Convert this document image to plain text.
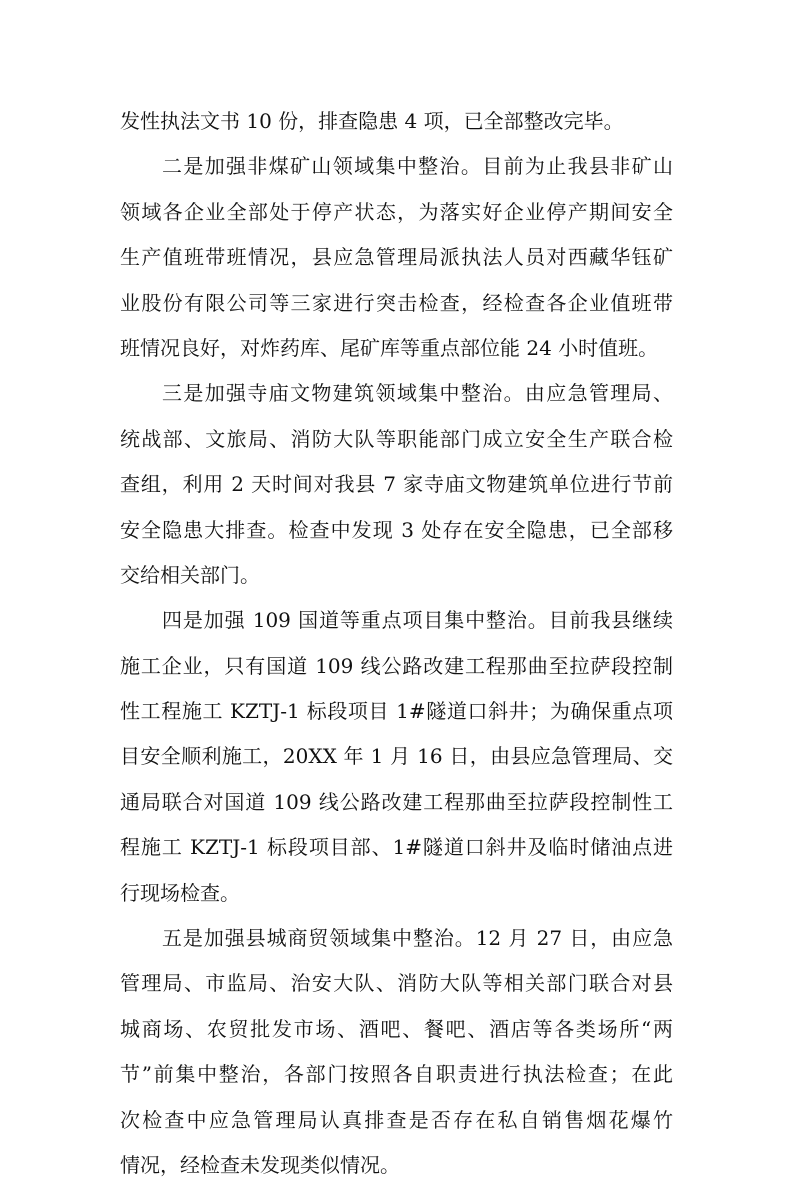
发性执法文书 10 份，排查隐患 4 项，已全部整改完毕。
二是加强非煤矿山领域集中整治。目前为止我县非矿山
领域各企业全部处于停产状态，为落实好企业停产期间安全
生产值班带班情况，县应急管理局派执法人员对西藏华钰矿
业股份有限公司等三家进行突击检查，经检查各企业值班带
班情况良好，对炸药库、尾矿库等重点部位能 24 小时值班。
三是加强寺庙文物建筑领域集中整治。由应急管理局、
统战部、文旅局、消防大队等职能部门成立安全生产联合检
查组，利用 2 天时间对我县 7 家寺庙文物建筑单位进行节前
安全隐患大排查。检查中发现 3 处存在安全隐患，已全部移
交给相关部门。
四是加强 109 国道等重点项目集中整治。目前我县继续
施工企业，只有国道 109 线公路改建工程那曲至拉萨段控制
性工程施工 KZTJ-1 标段项目 1#隧道口斜井；为确保重点项
目安全顺利施工，20XX 年 1 月 16 日，由县应急管理局、交
通局联合对国道 109 线公路改建工程那曲至拉萨段控制性工
程施工 KZTJ-1 标段项目部、1#隧道口斜井及临时储油点进
行现场检查。
五是加强县城商贸领域集中整治。12 月 27 日，由应急
管理局、市监局、治安大队、消防大队等相关部门联合对县
城商场、农贸批发市场、酒吧、餐吧、酒店等各类场所“两
节”前集中整治，各部门按照各自职责进行执法检查；在此
次检查中应急管理局认真排查是否存在私自销售烟花爆竹
情况，经检查未发现类似情况。
